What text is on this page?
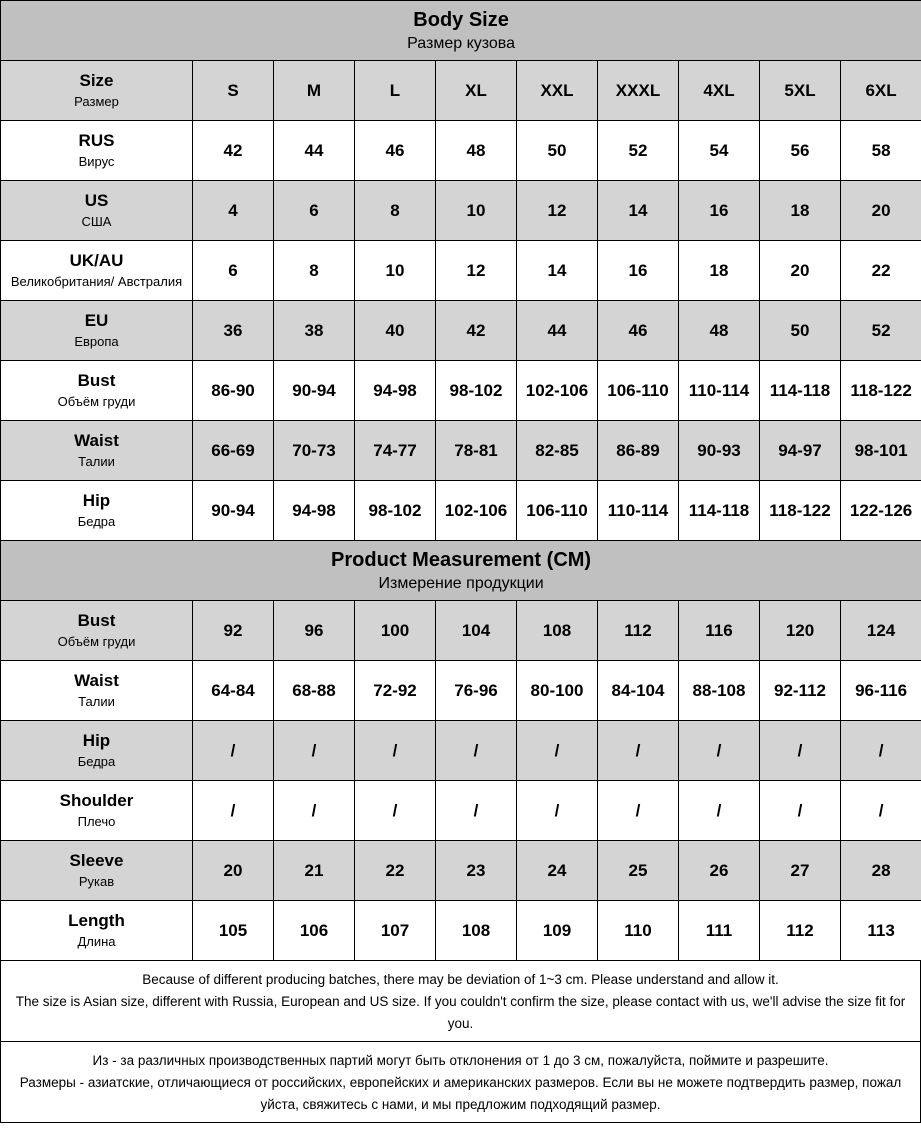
Body Size
Размер кузова									

Size
Размер	S	M	L	XL	XXL	XXXL	4XL	5XL	6XL

RUS
Вирус	42	44	46	48	50	52	54	56	58

US
США	4	6	8	10	12	14	16	18	20

UK/AU
Великобритания/ Австралия	6	8	10	12	14	16	18	20	22

EU
Европа	36	38	40	42	44	46	48	50	52

Bust
Объём груди	86-90	90-94	94-98	98-102	102-106	106-110	110-114	114-118	118-122

Waist
Талии	66-69	70-73	74-77	78-81	82-85	86-89	90-93	94-97	98-101

Hip
Бедра	90-94	94-98	98-102	102-106	106-110	110-114	114-118	118-122	122-126

Product Measurement (CM)
Измерение продукции									

Bust
Объём груди	92	96	100	104	108	112	116	120	124

Waist
Талии	64-84	68-88	72-92	76-96	80-100	84-104	88-108	92-112	96-116

Hip
Бедра	/	/	/	/	/	/	/	/	/

Shoulder
Плечо	/	/	/	/	/	/	/	/	/

Sleeve
Рукав	20	21	22	23	24	25	26	27	28

Length
Длина	105	106	107	108	109	110	111	112	113

Because of different producing batches, there may be deviation of 1~3 cm. Please understand and allow it.

The size is Asian size, different with Russia, European and US size. If you couldn't confirm the size, please contact with us, we'll advise the size fit for you.

Из - за различных производственных партий могут быть отклонения от 1 до 3 см, пожалуйста, поймите и разрешите.

Размеры - азиатские, отличающиеся от российских, европейских и американских размеров. Если вы не можете подтвердить размер, пожал уйста, свяжитесь с нами, и мы предложим подходящий размер.
